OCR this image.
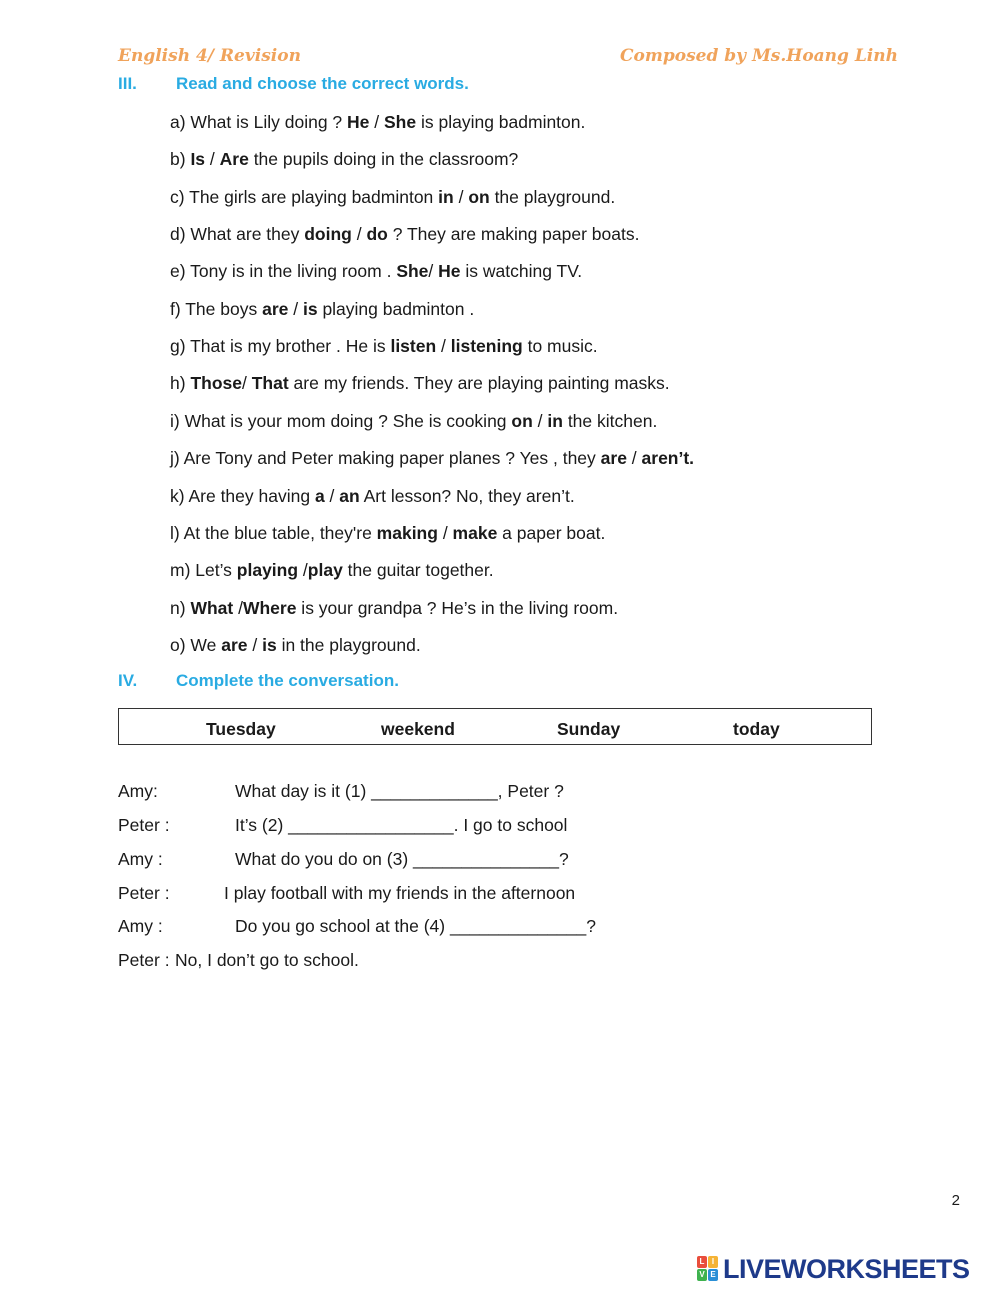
English 4/ Revision	Composed by Ms.Hoang Linh
III. Read and choose the correct words.
a) What is Lily doing ? He / She is playing badminton.
b) Is / Are the pupils doing in the classroom?
c) The girls are playing badminton in / on the playground.
d) What are they doing / do ? They are making paper boats.
e) Tony is in the living room . She/ He is watching TV.
f) The boys are / is playing badminton .
g) That is my brother . He is listen / listening to music.
h) Those/ That are my friends. They are playing painting masks.
i) What is your mom doing ? She is cooking on / in the kitchen.
j) Are Tony and Peter making paper planes ? Yes , they are / aren’t.
k) Are they having a / an Art lesson? No, they aren’t.
l) At the blue table, they're making / make a paper boat.
m) Let’s playing /play the guitar together.
n) What /Where is your grandpa ? He’s in the living room.
o) We are / is in the playground.
IV. Complete the conversation.
Tuesday	weekend	Sunday	today
Amy:	What day is it (1) _____________, Peter ?
Peter :	It’s (2) _________________. I go to school
Amy :	What do you do on (3) _______________?
Peter :	I play football with my friends in the afternoon
Amy :	Do you go school at the (4) ______________?
Peter : No, I don’t go to school.
2
L I
V E LIVEWORKSHEETS
